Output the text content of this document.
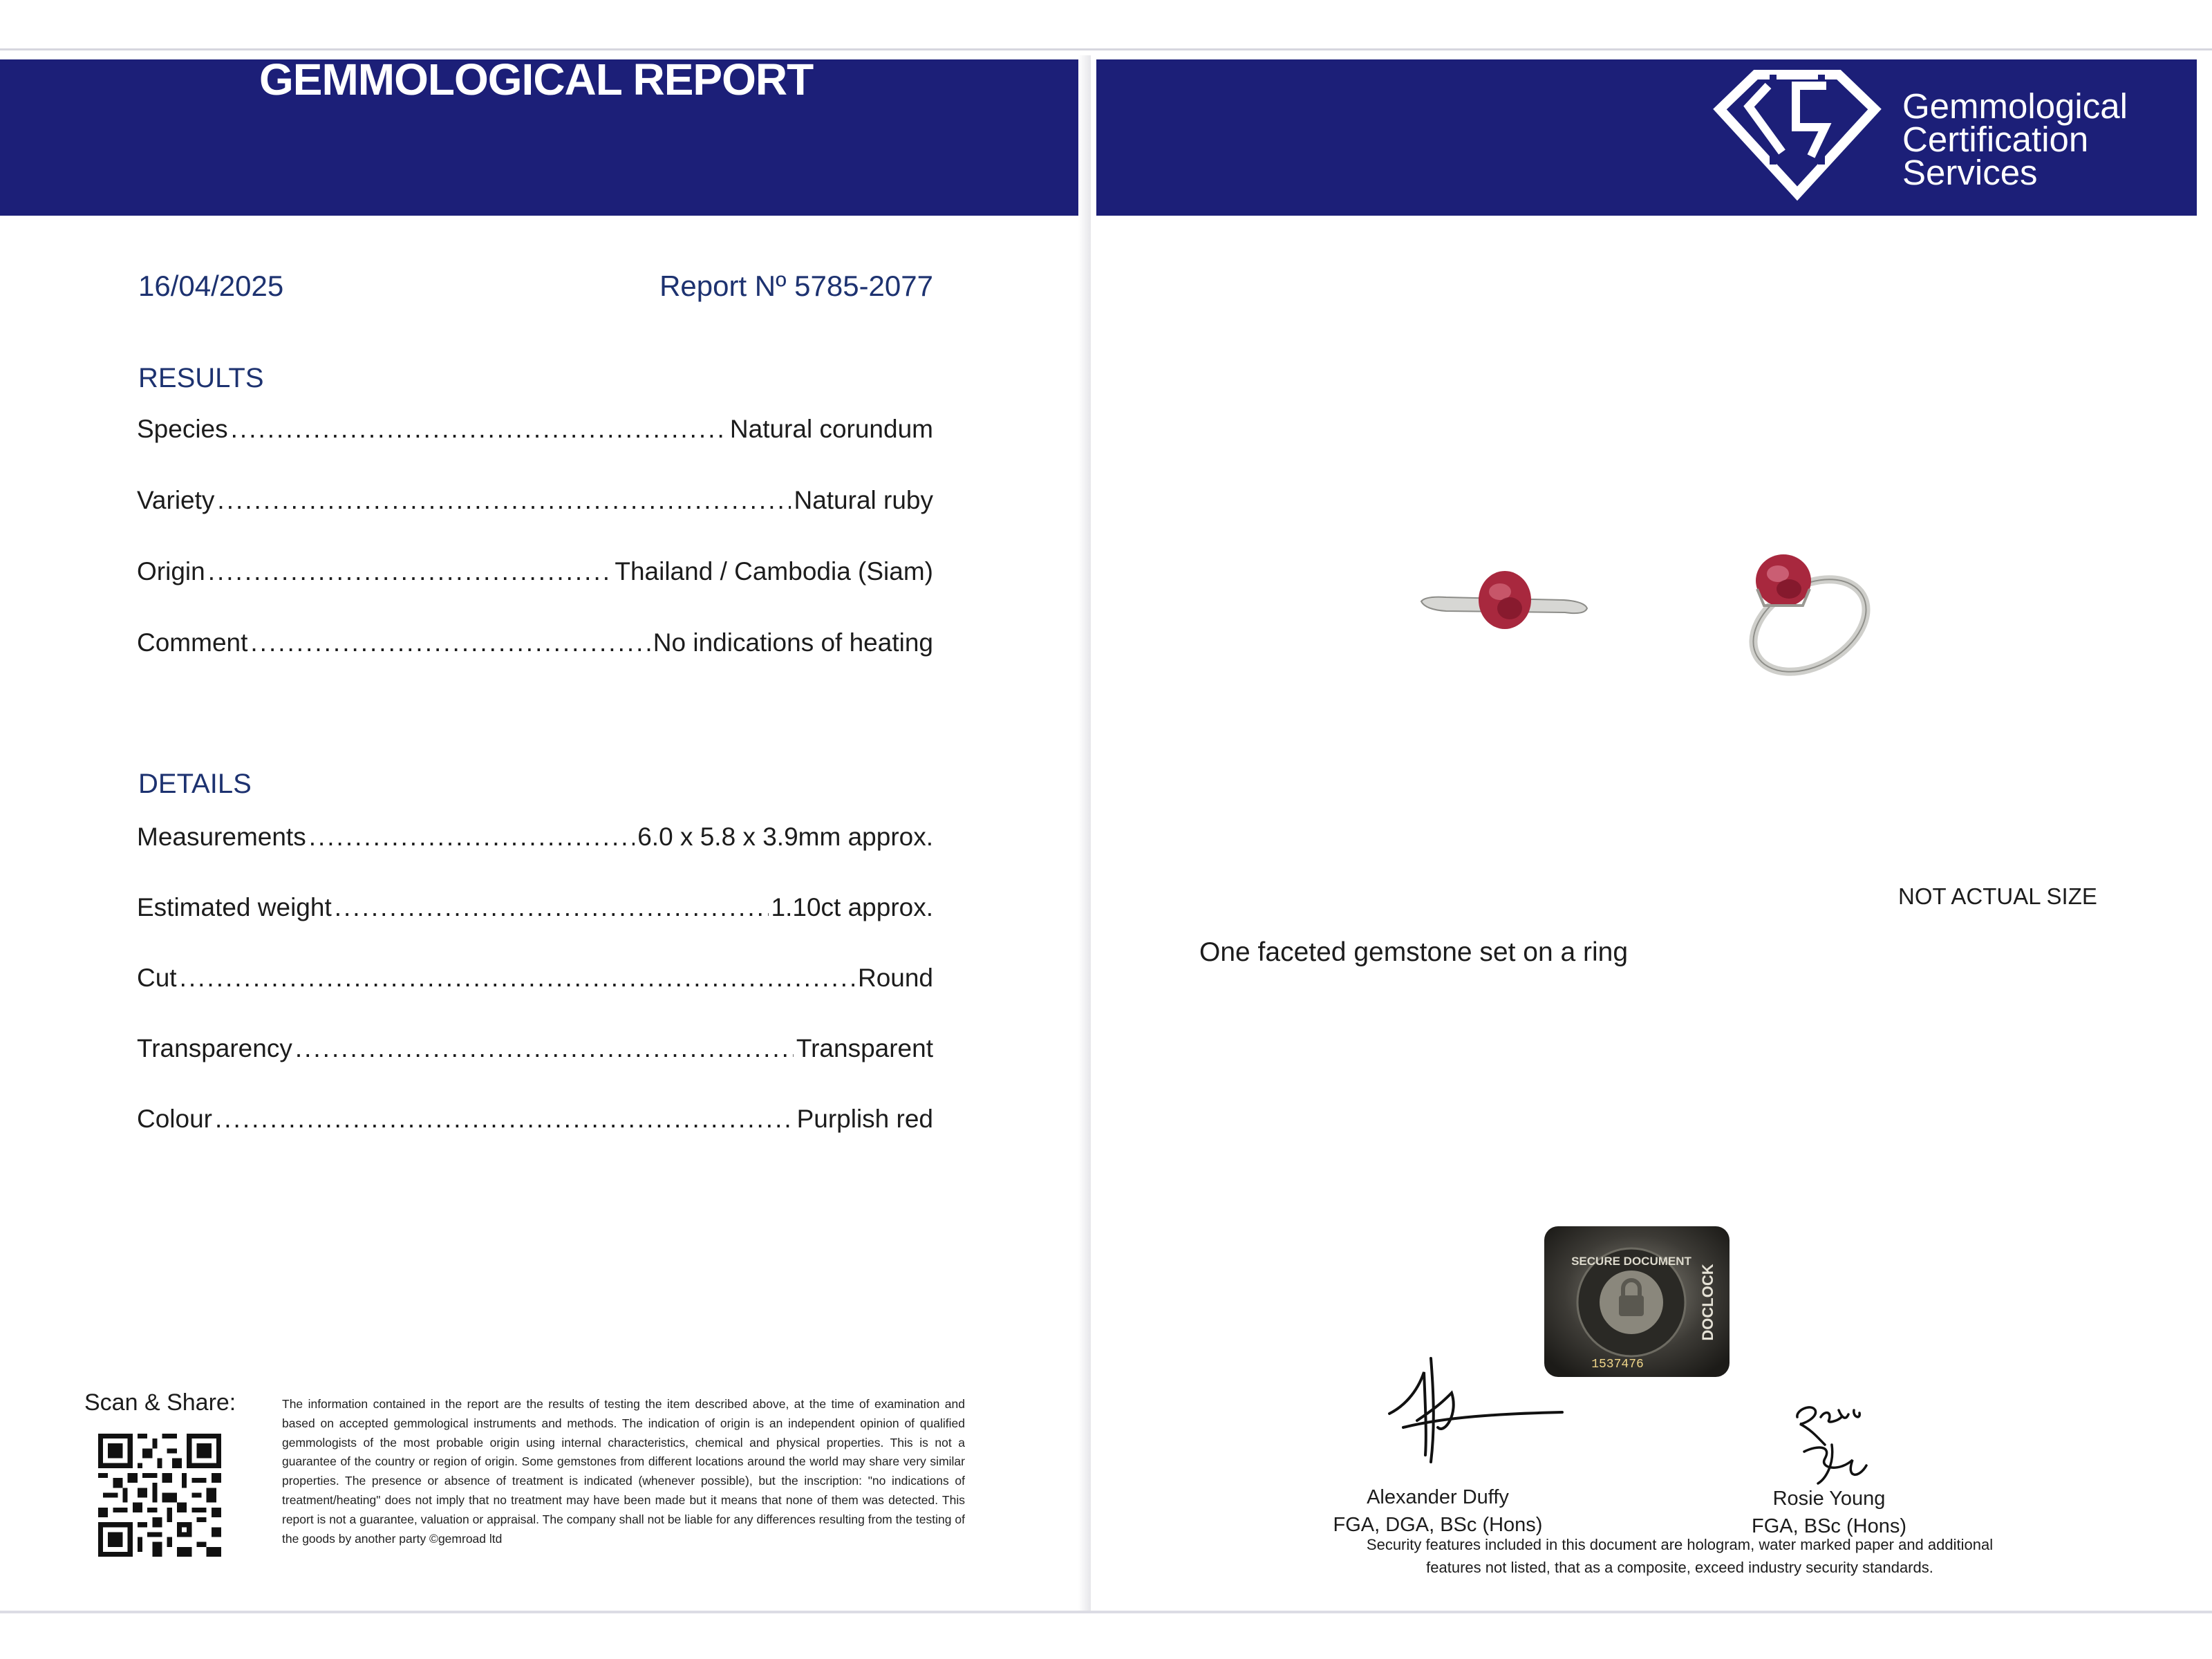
GEMMOLOGICAL REPORT
Gemmological
Certification
Services
16/04/2025	Report Nº 5785-2077
RESULTS
Species .....	Natural corundum
Variety .....	Natural ruby
Origin .....	Thailand / Cambodia (Siam)
Comment .....	No indications of heating
DETAILS
Measurements .....	6.0 x 5.8 x 3.9mm approx.
Estimated weight .....	1.10ct approx.
Cut .....	Round
Transparency .....	Transparent
Colour .....	Purplish red
Scan & Share:	The information contained in the report are the results of testing the item described above, at the time of examination and based on accepted gemmological instruments and methods. The indication of origin is an independent opinion of qualified gemmologists of the most probable origin using internal characteristics, chemical and physical properties. This is not a guarantee of the country or region of origin. Some gemstones from different locations around the world may share very similar properties. The presence or absence of treatment is indicated (whenever possible), but the inscription: "no indications of treatment/heating" does not imply that no treatment may have been made but it means that none of them was detected. This report is not a guarantee, valuation or appraisal. The company shall not be liable for any differences resulting from the testing of the goods by another party ©gemroad ltd
NOT ACTUAL SIZE
One faceted gemstone set on a ring
SECURE DOCUMENT
DOCLOCK
1537476
Alexander Duffy
FGA, DGA, BSc (Hons)
Rosie Young
FGA, BSc (Hons)
Security features included in this document are hologram, water marked paper and additional
features not listed, that as a composite, exceed industry security standards.
